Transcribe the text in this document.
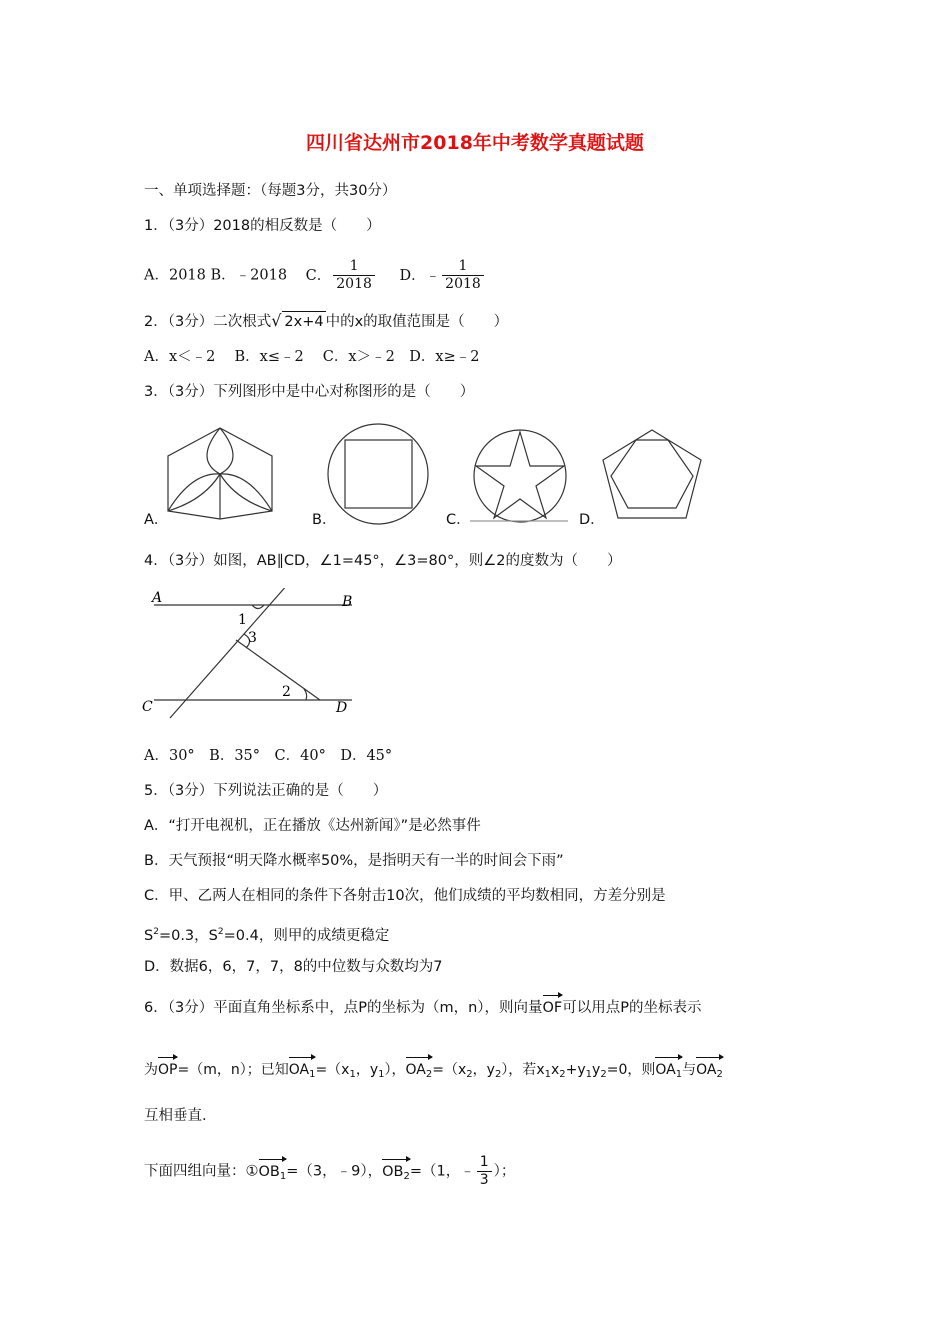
四川省达州市2018年中考数学真题试题
一、单项选择题：（每题3分，共30分）
1．（3分）2018的相反数是（　　）
A．2018 B．﹣2018 C． $\frac{1}{2018}$ D．﹣ $\frac{1}{2018}$
2．（3分）二次根式√ 2x+4 中的x的取值范围是（　　）
A．x＜﹣2　 B．x≤﹣2　 C．x＞﹣2　D．x≥﹣2
3．（3分）下列图形中是中心对称图形的是（　　）
A．	B．	C．	D．
4．（3分）如图，AB∥CD，∠1=45°，∠3=80°，则∠2的度数为（　　）
A	B
C	D
1
3
2
A．30°　B．35°　C．40°　D．45°
5．（3分）下列说法正确的是（　　）
A．“打开电视机，正在播放《达州新闻》”是必然事件
B．天气预报“明天降水概率50%，是指明天有一半的时间会下雨”
C．甲、乙两人在相同的条件下各射击10次，他们成绩的平均数相同，方差分别是
$S^2=0.3$，$S^2=0.4$，则甲的成绩更稳定
D．数据6，6，7，7，8的中位数与众数均为7
6．（3分）平面直角坐标系中，点P的坐标为（m，n），则向量OF可以用点P的坐标表示
为OP=（m，n）；已知$OA_1=(x_1$，$y_1$），$OA_2=(x_2$，$y_2$），若$x_1x_2+y_1y_2=0$，则$OA_1$与$OA_2$
互相垂直.
下面四组向量：$①OB_1=(3$，﹣9），$OB_2=(1$，﹣ $\frac{1}{3}$ ）；
